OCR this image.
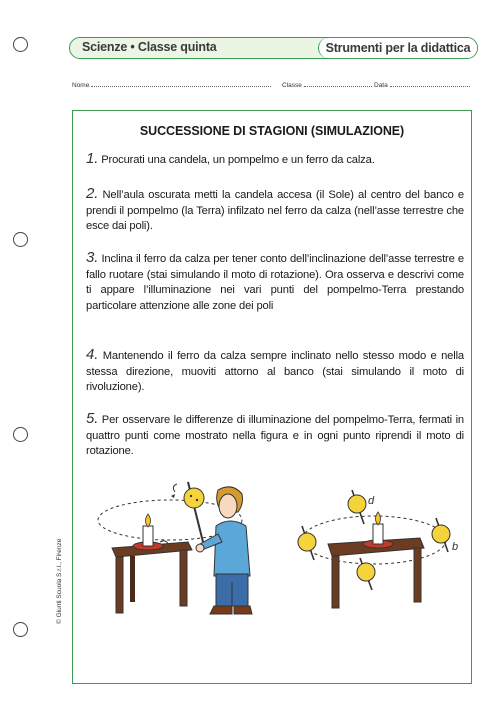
Scienze • Classe quinta	Strumenti per la didattica
Nome	Classe	Data
SUCCESSIONE DI STAGIONI (SIMULAZIONE)
1. Procurati una candela, un pompelmo e un ferro da calza.
2. Nell’aula oscurata metti la candela accesa (il Sole) al centro del banco e prendi il pompelmo (la Terra) infilzato nel ferro da calza (nell’asse terrestre che esce dai poli).
3. Inclina il ferro da calza per tener conto dell’inclinazione dell’asse terrestre e fallo ruotare (stai simulando il moto di rotazione). Ora osserva e descrivi come ti appare l’illuminazione nei vari punti del pompelmo-Terra prestando particolare attenzione alle zone dei poli
4. Mantenendo il ferro da calza sempre inclinato nello stesso modo e nella stessa direzione, muoviti attorno al banco (stai simulando il moto di rivoluzione).
5. Per osservare le differenze di illuminazione del pompelmo-Terra, fermati in quattro punti come mostrato nella figura e in ogni punto riprendi il moto di rotazione.
d
b
© Giunti Scuola S.r.l., Firenze
